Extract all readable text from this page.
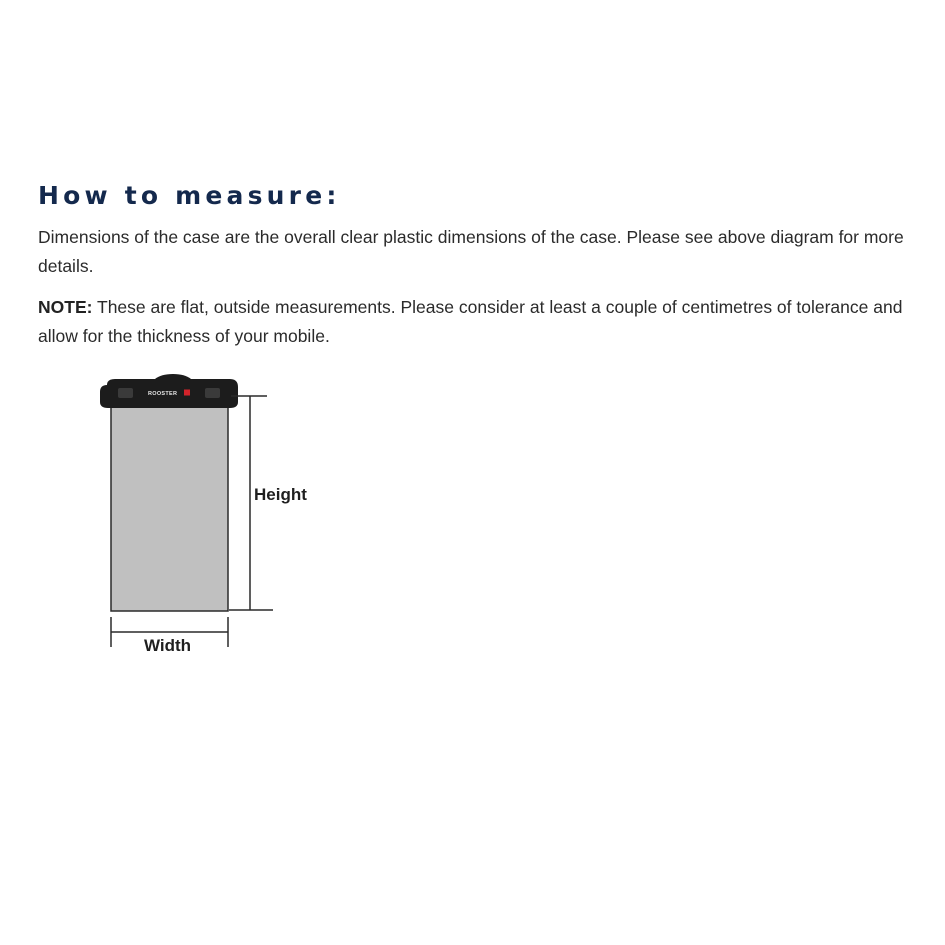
How to measure:

Dimensions of the case are the overall clear plastic dimensions of the case. Please see above diagram for more details.

NOTE: These are flat, outside measurements. Please consider at least a couple of centimetres of tolerance and allow for the thickness of your mobile.

ROOSTER
Height
Width
